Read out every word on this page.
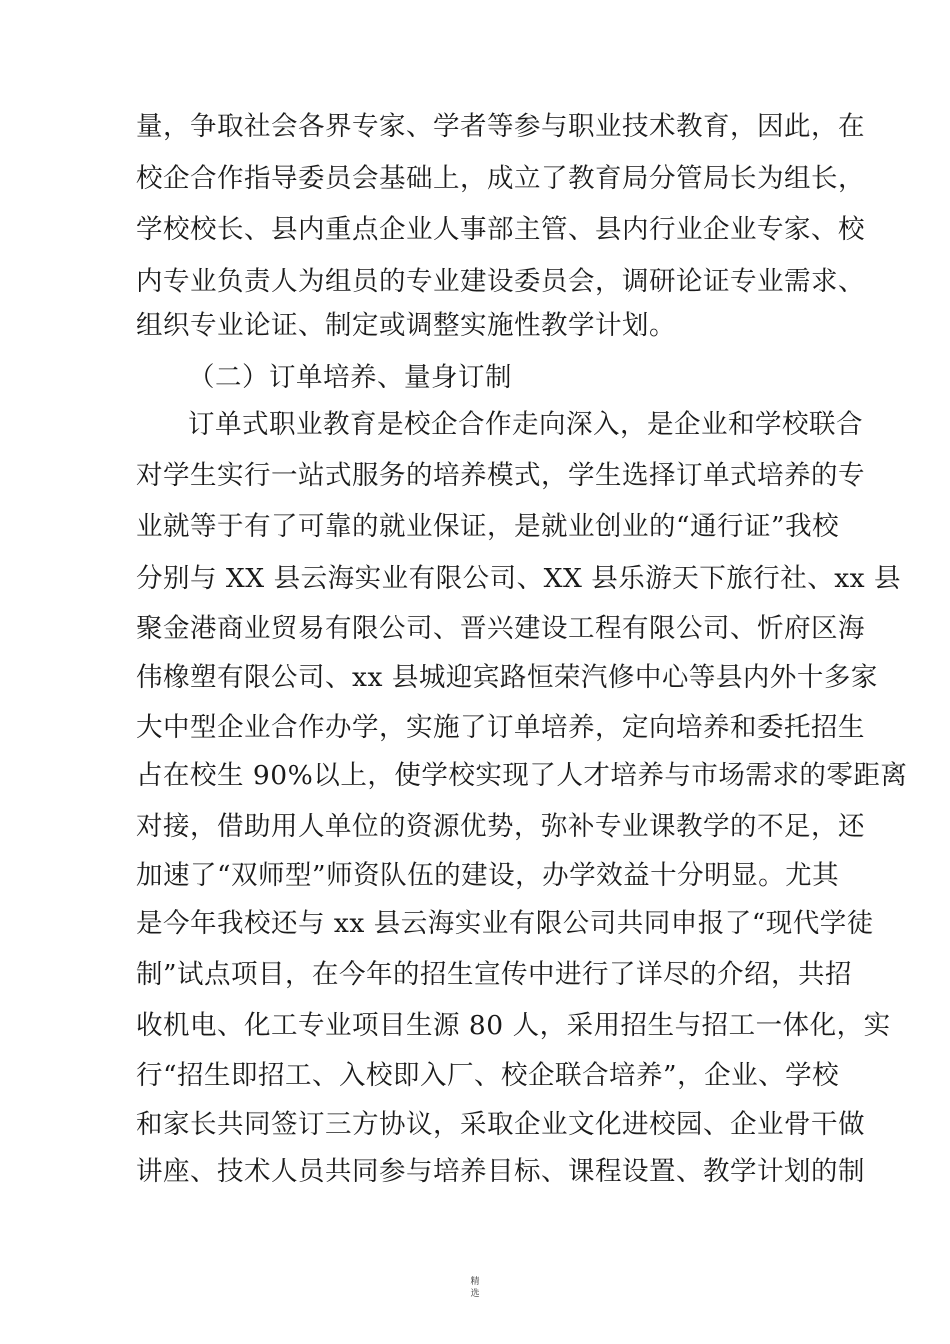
量，争取社会各界专家、学者等参与职业技术教育，因此，在
校企合作指导委员会基础上，成立了教育局分管局长为组长，
学校校长、县内重点企业人事部主管、县内行业企业专家、校
内专业负责人为组员的专业建设委员会，调研论证专业需求、
组织专业论证、制定或调整实施性教学计划。
（二）订单培养、量身订制
订单式职业教育是校企合作走向深入，是企业和学校联合
对学生实行一站式服务的培养模式，学生选择订单式培养的专
业就等于有了可靠的就业保证，是就业创业的“通行证”我校
分别与 XX 县云海实业有限公司、XX 县乐游天下旅行社、xx 县
聚金港商业贸易有限公司、晋兴建设工程有限公司、忻府区海
伟橡塑有限公司、xx 县城迎宾路恒荣汽修中心等县内外十多家
大中型企业合作办学，实施了订单培养，定向培养和委托招生
占在校生 90%以上，使学校实现了人才培养与市场需求的零距离
对接，借助用人单位的资源优势，弥补专业课教学的不足，还
加速了“双师型”师资队伍的建设，办学效益十分明显。尤其
是今年我校还与 xx 县云海实业有限公司共同申报了“现代学徒
制”试点项目，在今年的招生宣传中进行了详尽的介绍，共招
收机电、化工专业项目生源 80 人，采用招生与招工一体化，实
行“招生即招工、入校即入厂、校企联合培养”，企业、学校
和家长共同签订三方协议，采取企业文化进校园、企业骨干做
讲座、技术人员共同参与培养目标、课程设置、教学计划的制
精
选
